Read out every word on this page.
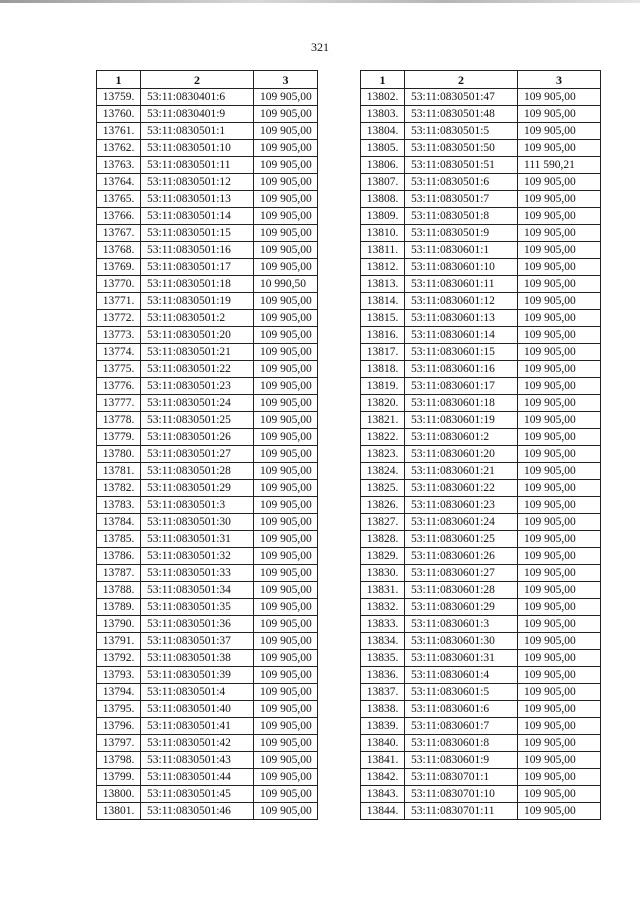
321
1	2	3
13759.	53:11:0830401:6	109 905,00
13760.	53:11:0830401:9	109 905,00
13761.	53:11:0830501:1	109 905,00
13762.	53:11:0830501:10	109 905,00
13763.	53:11:0830501:11	109 905,00
13764.	53:11:0830501:12	109 905,00
13765.	53:11:0830501:13	109 905,00
13766.	53:11:0830501:14	109 905,00
13767.	53:11:0830501:15	109 905,00
13768.	53:11:0830501:16	109 905,00
13769.	53:11:0830501:17	109 905,00
13770.	53:11:0830501:18	10 990,50
13771.	53:11:0830501:19	109 905,00
13772.	53:11:0830501:2	109 905,00
13773.	53:11:0830501:20	109 905,00
13774.	53:11:0830501:21	109 905,00
13775.	53:11:0830501:22	109 905,00
13776.	53:11:0830501:23	109 905,00
13777.	53:11:0830501:24	109 905,00
13778.	53:11:0830501:25	109 905,00
13779.	53:11:0830501:26	109 905,00
13780.	53:11:0830501:27	109 905,00
13781.	53:11:0830501:28	109 905,00
13782.	53:11:0830501:29	109 905,00
13783.	53:11:0830501:3	109 905,00
13784.	53:11:0830501:30	109 905,00
13785.	53:11:0830501:31	109 905,00
13786.	53:11:0830501:32	109 905,00
13787.	53:11:0830501:33	109 905,00
13788.	53:11:0830501:34	109 905,00
13789.	53:11:0830501:35	109 905,00
13790.	53:11:0830501:36	109 905,00
13791.	53:11:0830501:37	109 905,00
13792.	53:11:0830501:38	109 905,00
13793.	53:11:0830501:39	109 905,00
13794.	53:11:0830501:4	109 905,00
13795.	53:11:0830501:40	109 905,00
13796.	53:11:0830501:41	109 905,00
13797.	53:11:0830501:42	109 905,00
13798.	53:11:0830501:43	109 905,00
13799.	53:11:0830501:44	109 905,00
13800.	53:11:0830501:45	109 905,00
13801.	53:11:0830501:46	109 905,00
1	2	3
13802.	53:11:0830501:47	109 905,00
13803.	53:11:0830501:48	109 905,00
13804.	53:11:0830501:5	109 905,00
13805.	53:11:0830501:50	109 905,00
13806.	53:11:0830501:51	111 590,21
13807.	53:11:0830501:6	109 905,00
13808.	53:11:0830501:7	109 905,00
13809.	53:11:0830501:8	109 905,00
13810.	53:11:0830501:9	109 905,00
13811.	53:11:0830601:1	109 905,00
13812.	53:11:0830601:10	109 905,00
13813.	53:11:0830601:11	109 905,00
13814.	53:11:0830601:12	109 905,00
13815.	53:11:0830601:13	109 905,00
13816.	53:11:0830601:14	109 905,00
13817.	53:11:0830601:15	109 905,00
13818.	53:11:0830601:16	109 905,00
13819.	53:11:0830601:17	109 905,00
13820.	53:11:0830601:18	109 905,00
13821.	53:11:0830601:19	109 905,00
13822.	53:11:0830601:2	109 905,00
13823.	53:11:0830601:20	109 905,00
13824.	53:11:0830601:21	109 905,00
13825.	53:11:0830601:22	109 905,00
13826.	53:11:0830601:23	109 905,00
13827.	53:11:0830601:24	109 905,00
13828.	53:11:0830601:25	109 905,00
13829.	53:11:0830601:26	109 905,00
13830.	53:11:0830601:27	109 905,00
13831.	53:11:0830601:28	109 905,00
13832.	53:11:0830601:29	109 905,00
13833.	53:11:0830601:3	109 905,00
13834.	53:11:0830601:30	109 905,00
13835.	53:11:0830601:31	109 905,00
13836.	53:11:0830601:4	109 905,00
13837.	53:11:0830601:5	109 905,00
13838.	53:11:0830601:6	109 905,00
13839.	53:11:0830601:7	109 905,00
13840.	53:11:0830601:8	109 905,00
13841.	53:11:0830601:9	109 905,00
13842.	53:11:0830701:1	109 905,00
13843.	53:11:0830701:10	109 905,00
13844.	53:11:0830701:11	109 905,00
